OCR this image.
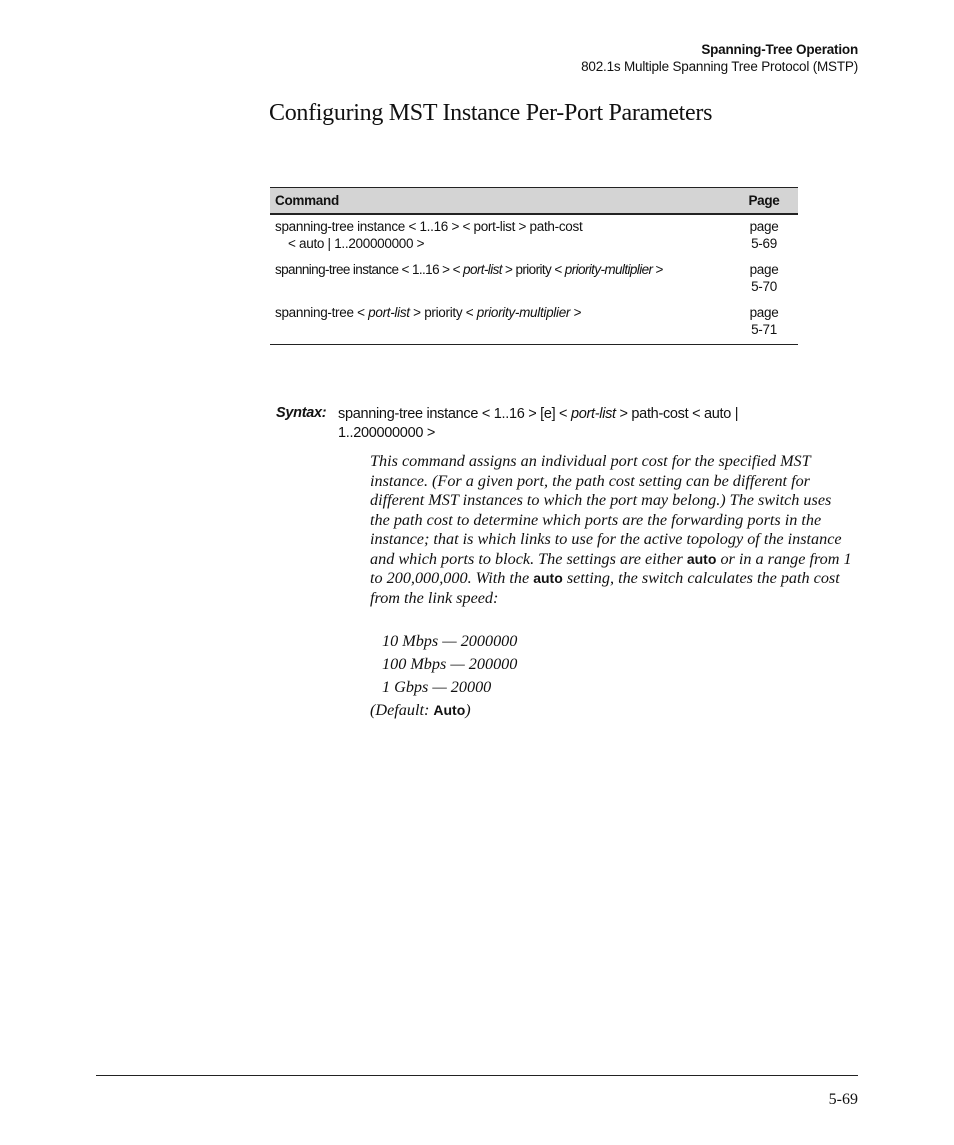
Spanning-Tree Operation
802.1s Multiple Spanning Tree Protocol (MSTP)
Configuring MST Instance Per-Port Parameters
Command	Page

spanning-tree instance < 1..16 > < port-list > path-cost
< auto | 1..200000000 >	page
5-69

spanning-tree instance < 1..16 > < port-list > priority < priority-multiplier >	page
5-70

spanning-tree < port-list > priority < priority-multiplier >	page
5-71
Syntax: spanning-tree instance < 1..16 > [e] < port-list > path-cost < auto | 1..200000000 >

This command assigns an individual port cost for the specified MST instance. (For a given port, the path cost setting can be different for different MST instances to which the port may belong.) The switch uses the path cost to determine which ports are the forwarding ports in the instance; that is which links to use for the active topology of the instance and which ports to block. The settings are either auto or in a range from 1 to 200,000,000. With the auto setting, the switch calculates the path cost from the link speed:

10 Mbps — 2000000
100 Mbps — 200000
1 Gbps — 20000
(Default: Auto)
5-69
